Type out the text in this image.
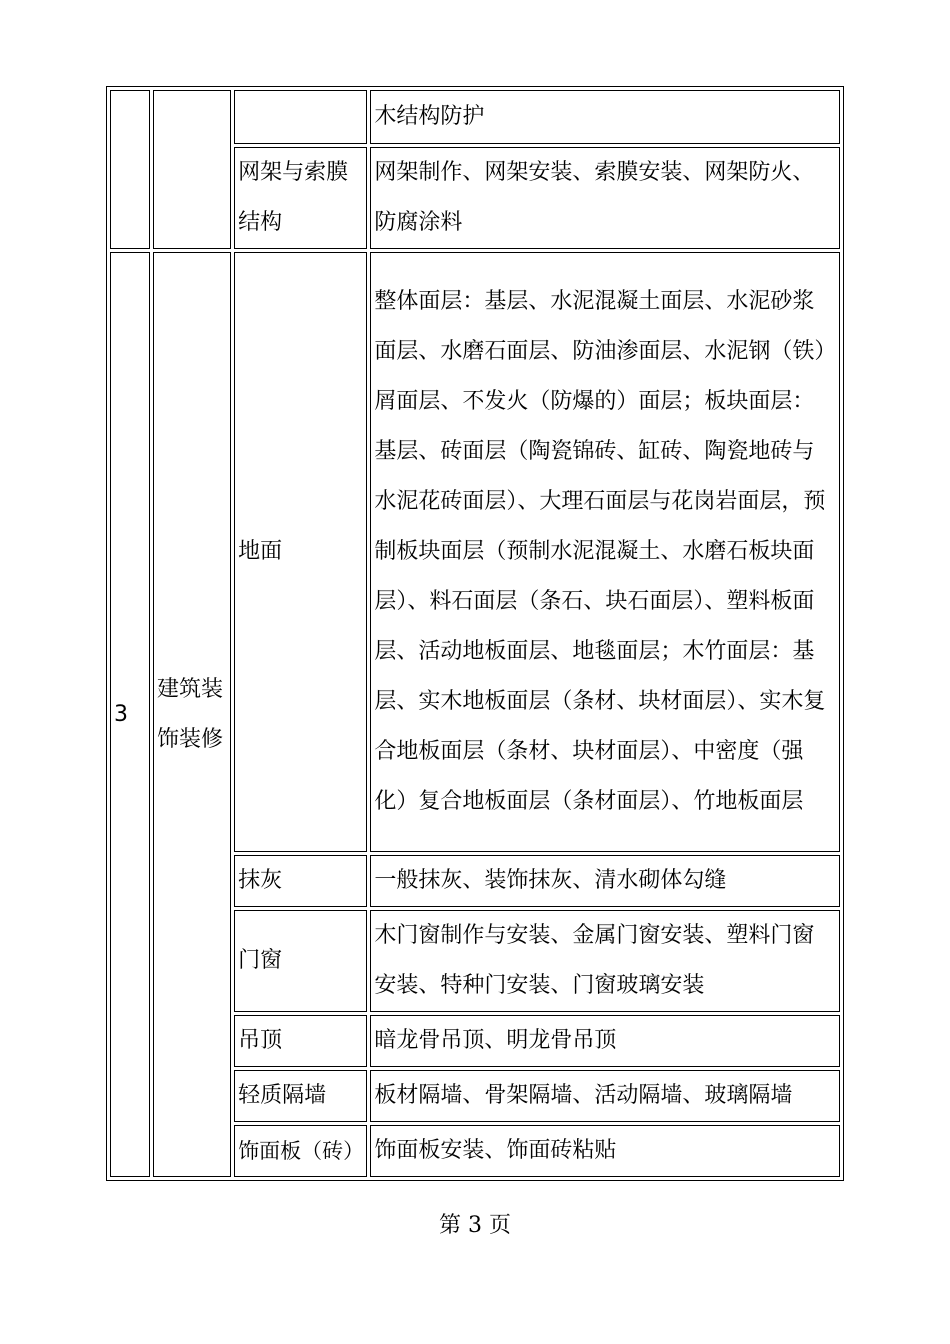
			木结构防护
		网架与索膜结构	网架制作、网架安装、索膜安装、网架防火、防腐涂料
3	建筑装饰装修	地面	整体面层：基层、水泥混凝土面层、水泥砂浆面层、水磨石面层、防油渗面层、水泥钢（铁）屑面层、不发火（防爆的）面层；板块面层：基层、砖面层（陶瓷锦砖、缸砖、陶瓷地砖与水泥花砖面层）、大理石面层与花岗岩面层，预制板块面层（预制水泥混凝土、水磨石板块面层）、料石面层（条石、块石面层）、塑料板面层、活动地板面层、地毯面层；木竹面层：基层、实木地板面层（条材、块材面层）、实木复合地板面层（条材、块材面层）、中密度（强化）复合地板面层（条材面层）、竹地板面层
		抹灰	一般抹灰、装饰抹灰、清水砌体勾缝
		门窗	木门窗制作与安装、金属门窗安装、塑料门窗安装、特种门安装、门窗玻璃安装
		吊顶	暗龙骨吊顶、明龙骨吊顶
		轻质隔墙	板材隔墙、骨架隔墙、活动隔墙、玻璃隔墙
		饰面板（砖）	饰面板安装、饰面砖粘贴
第 3 页
